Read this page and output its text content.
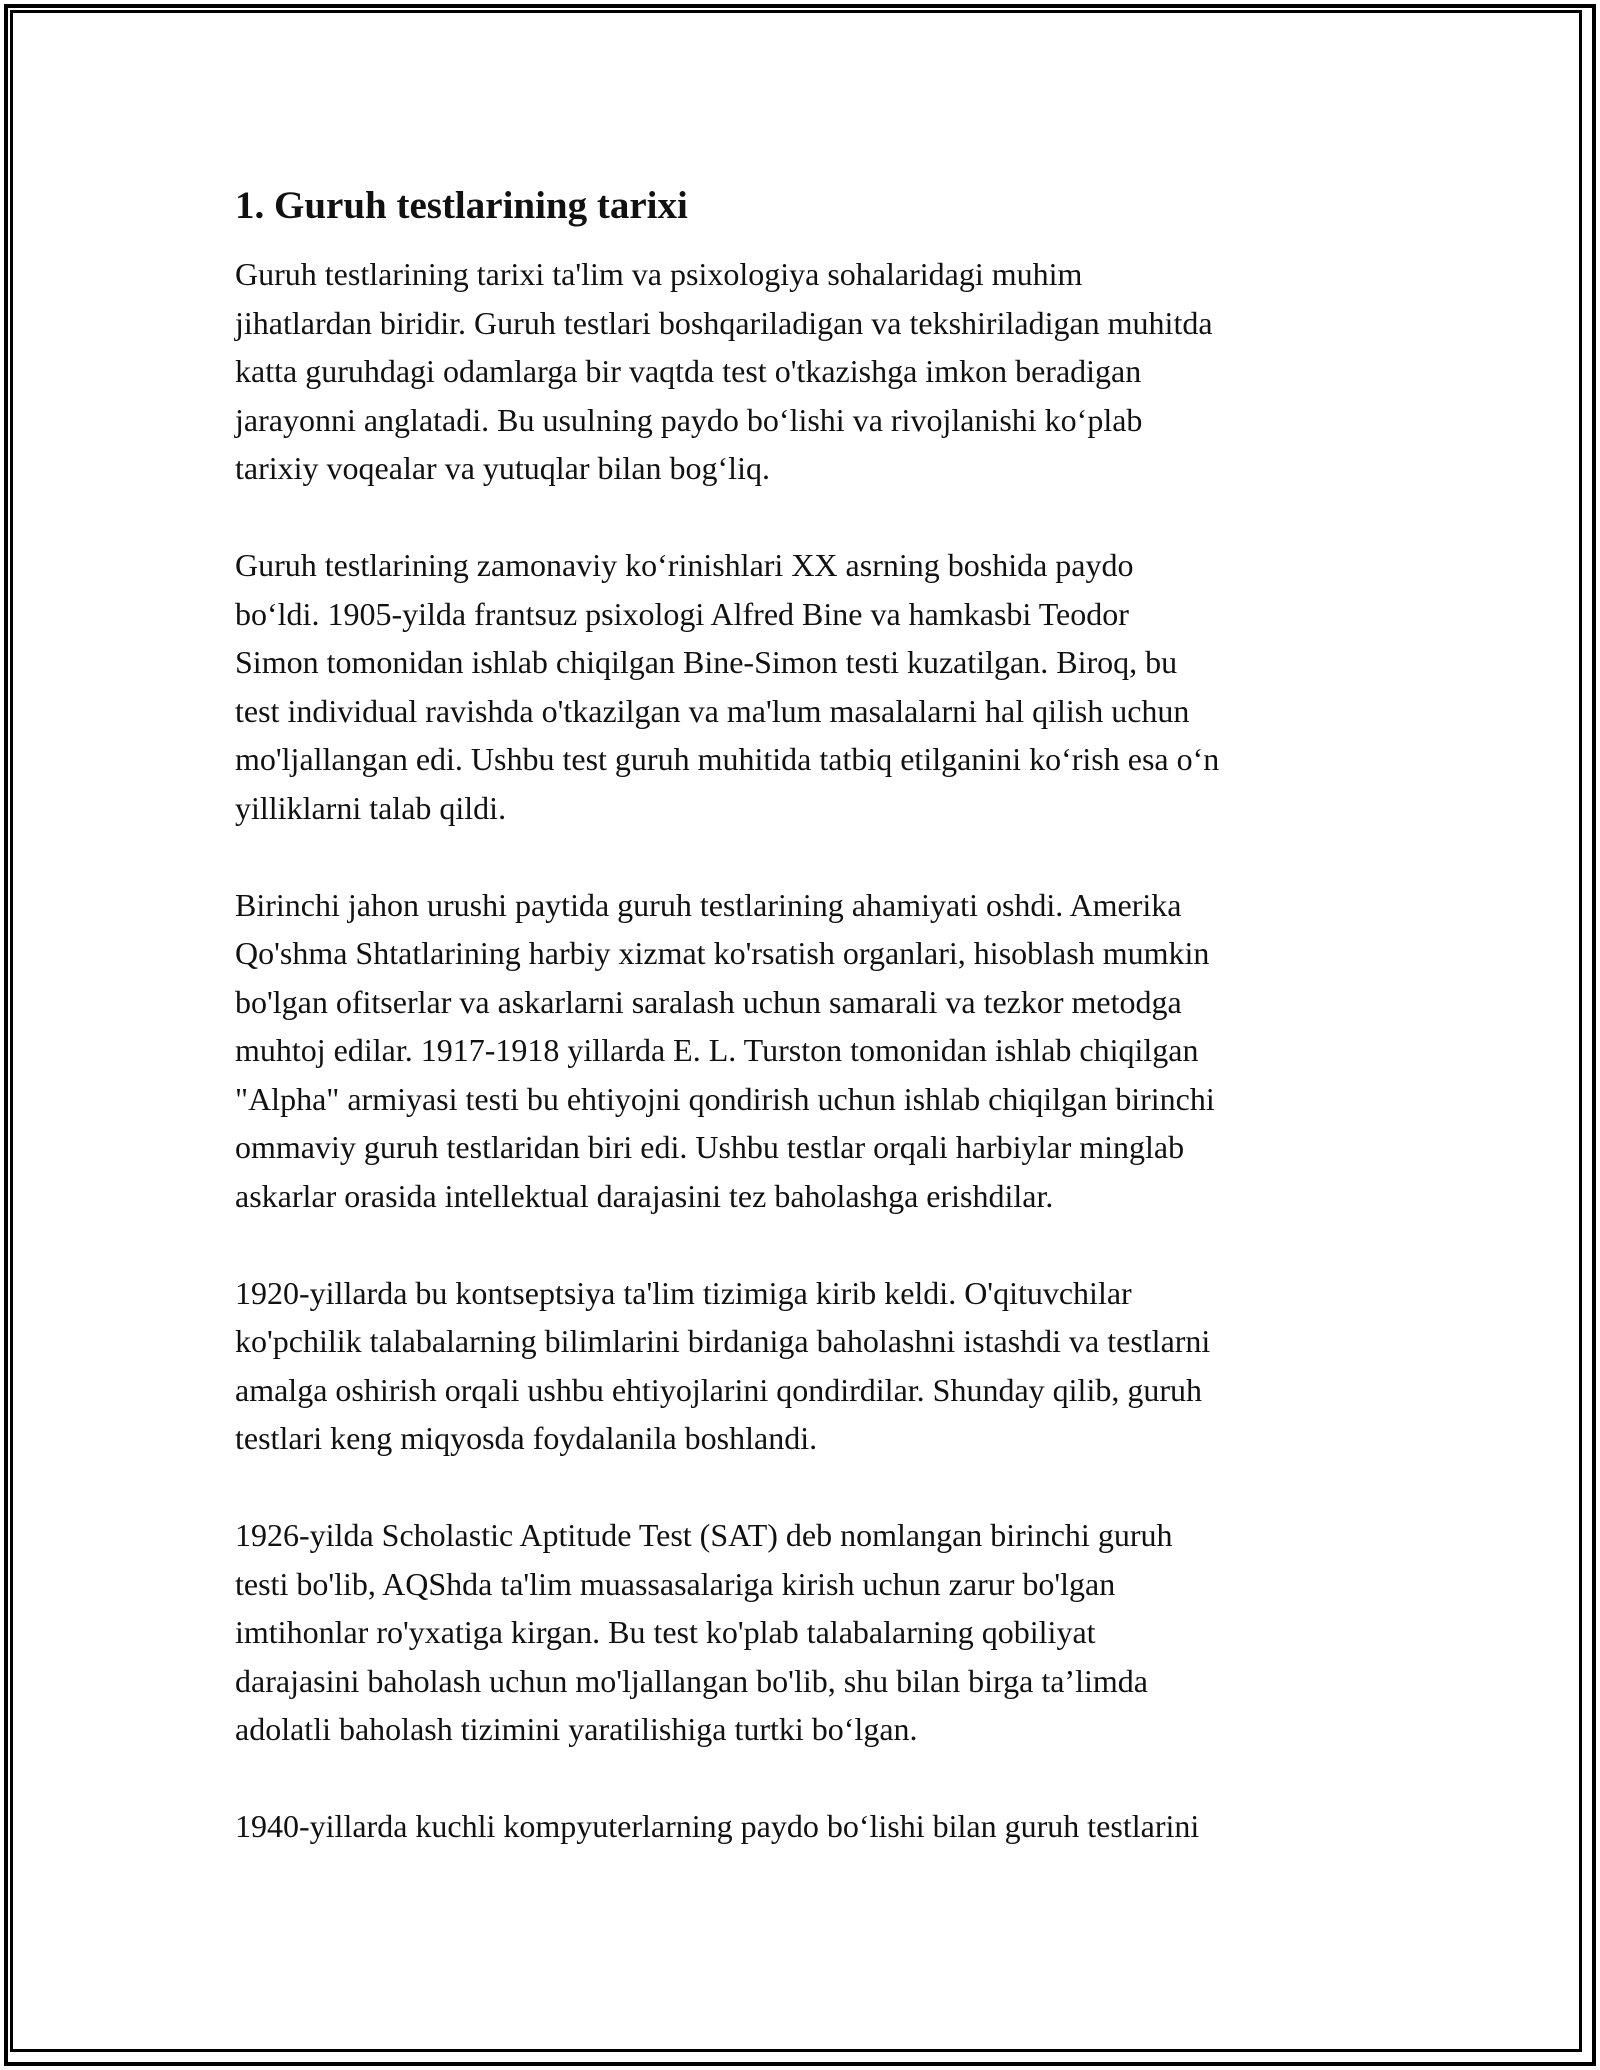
1. Guruh testlarining tarixi
Guruh testlarining tarixi ta'lim va psixologiya sohalaridagi muhim
jihatlardan biridir. Guruh testlari boshqariladigan va tekshiriladigan muhitda
katta guruhdagi odamlarga bir vaqtda test o'tkazishga imkon beradigan
jarayonni anglatadi. Bu usulning paydo boʻlishi va rivojlanishi koʻplab
tarixiy voqealar va yutuqlar bilan bogʻliq.
Guruh testlarining zamonaviy koʻrinishlari XX asrning boshida paydo
boʻldi. 1905-yilda frantsuz psixologi Alfred Bine va hamkasbi Teodor
Simon tomonidan ishlab chiqilgan Bine-Simon testi kuzatilgan. Biroq, bu
test individual ravishda o'tkazilgan va ma'lum masalalarni hal qilish uchun
mo'ljallangan edi. Ushbu test guruh muhitida tatbiq etilganini koʻrish esa oʻn
yilliklarni talab qildi.
Birinchi jahon urushi paytida guruh testlarining ahamiyati oshdi. Amerika
Qo'shma Shtatlarining harbiy xizmat ko'rsatish organlari, hisoblash mumkin
bo'lgan ofitserlar va askarlarni saralash uchun samarali va tezkor metodga
muhtoj edilar. 1917-1918 yillarda E. L. Turston tomonidan ishlab chiqilgan
"Alpha" armiyasi testi bu ehtiyojni qondirish uchun ishlab chiqilgan birinchi
ommaviy guruh testlaridan biri edi. Ushbu testlar orqali harbiylar minglab
askarlar orasida intellektual darajasini tez baholashga erishdilar.
1920-yillarda bu kontseptsiya ta'lim tizimiga kirib keldi. O'qituvchilar
ko'pchilik talabalarning bilimlarini birdaniga baholashni istashdi va testlarni
amalga oshirish orqali ushbu ehtiyojlarini qondirdilar. Shunday qilib, guruh
testlari keng miqyosda foydalanila boshlandi.
1926-yilda Scholastic Aptitude Test (SAT) deb nomlangan birinchi guruh
testi bo'lib, AQShda ta'lim muassasalariga kirish uchun zarur bo'lgan
imtihonlar ro'yxatiga kirgan. Bu test ko'plab talabalarning qobiliyat
darajasini baholash uchun mo'ljallangan bo'lib, shu bilan birga ta’limda
adolatli baholash tizimini yaratilishiga turtki boʻlgan.
1940-yillarda kuchli kompyuterlarning paydo boʻlishi bilan guruh testlarini
